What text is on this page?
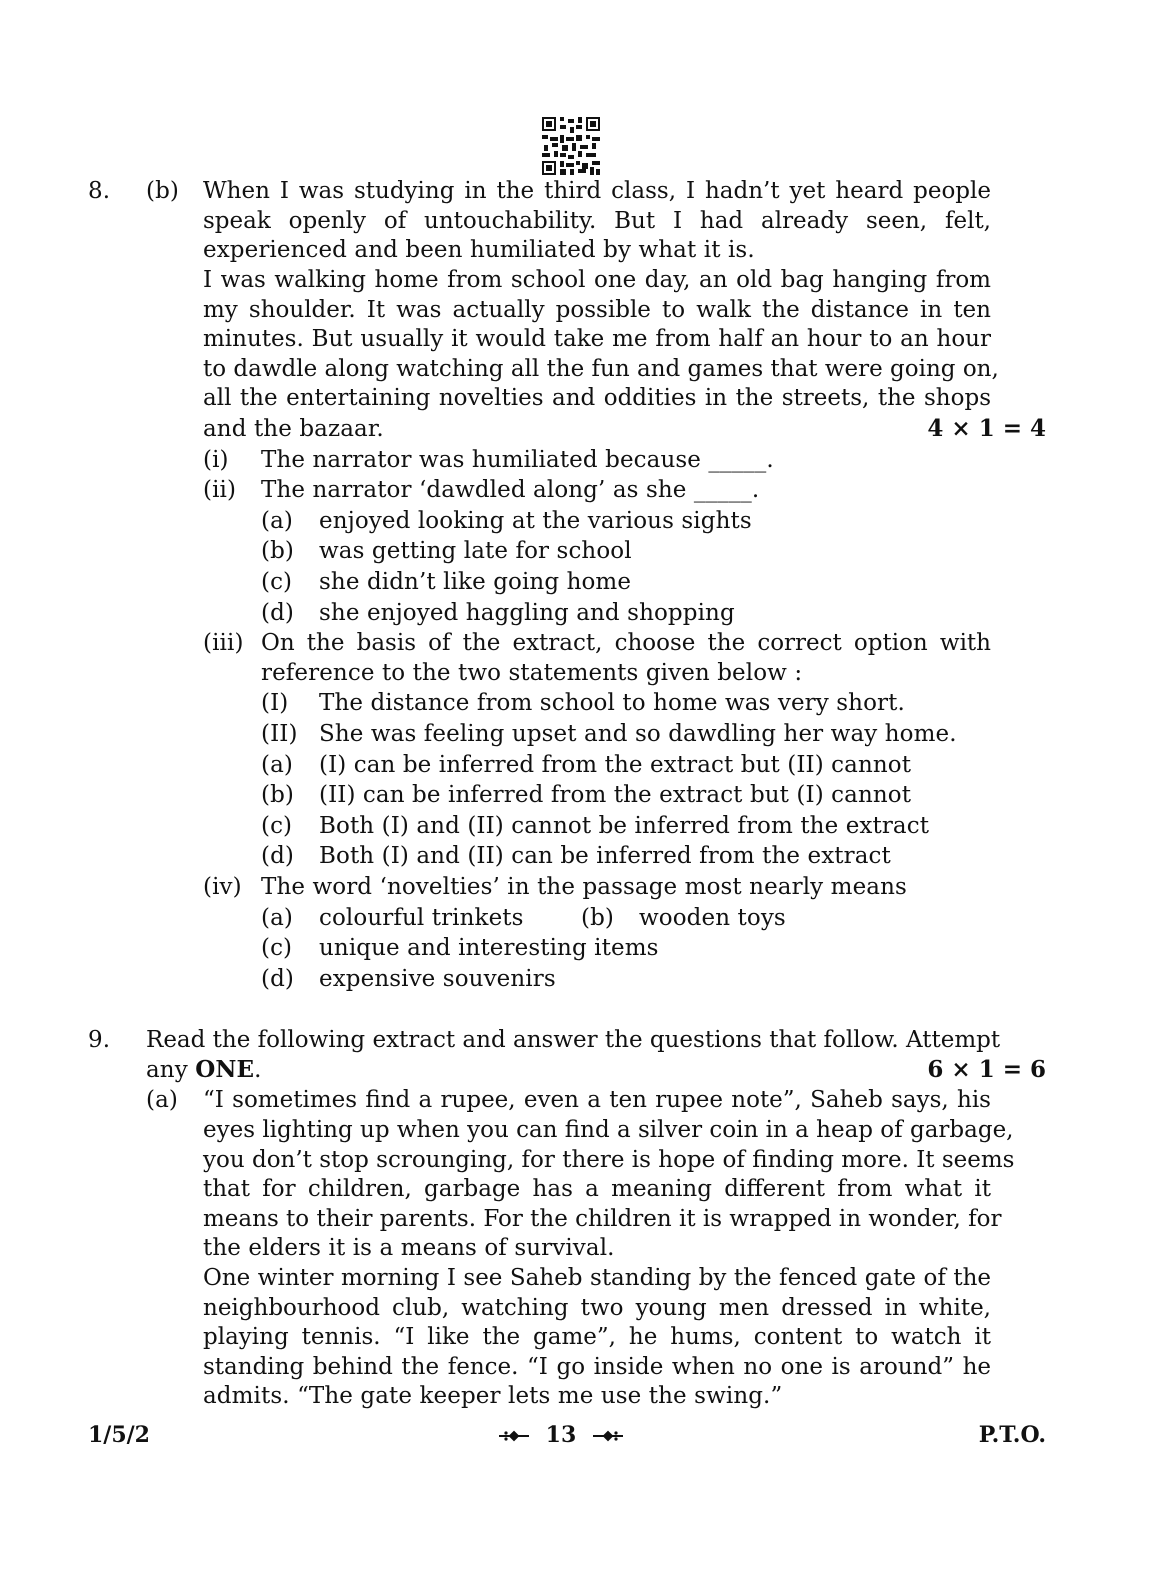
8. (b) When I was studying in the third class, I hadn’t yet heard people
speak openly of untouchability. But I had already seen, felt,
experienced and been humiliated by what it is.
I was walking home from school one day, an old bag hanging from
my shoulder. It was actually possible to walk the distance in ten
minutes. But usually it would take me from half an hour to an hour
to dawdle along watching all the fun and games that were going on,
all the entertaining novelties and oddities in the streets, the shops
and the bazaar.	4 × 1 = 4
(i) The narrator was humiliated because _____.
(ii) The narrator ‘dawdled along’ as she _____.
(a) enjoyed looking at the various sights
(b) was getting late for school
(c) she didn’t like going home
(d) she enjoyed haggling and shopping
(iii) On the basis of the extract, choose the correct option with
reference to the two statements given below :
(I) The distance from school to home was very short.
(II) She was feeling upset and so dawdling her way home.
(a) (I) can be inferred from the extract but (II) cannot
(b) (II) can be inferred from the extract but (I) cannot
(c) Both (I) and (II) cannot be inferred from the extract
(d) Both (I) and (II) can be inferred from the extract
(iv) The word ‘novelties’ in the passage most nearly means
(a) colourful trinkets (b) wooden toys
(c) unique and interesting items
(d) expensive souvenirs
9. Read the following extract and answer the questions that follow. Attempt
any ONE.	6 × 1 = 6
(a) “I sometimes find a rupee, even a ten rupee note”, Saheb says, his
eyes lighting up when you can find a silver coin in a heap of garbage,
you don’t stop scrounging, for there is hope of finding more. It seems
that for children, garbage has a meaning different from what it
means to their parents. For the children it is wrapped in wonder, for
the elders it is a means of survival.
One winter morning I see Saheb standing by the fenced gate of the
neighbourhood club, watching two young men dressed in white,
playing tennis. “I like the game”, he hums, content to watch it
standing behind the fence. “I go inside when no one is around” he
admits. “The gate keeper lets me use the swing.”
1/5/2	13	P.T.O.
